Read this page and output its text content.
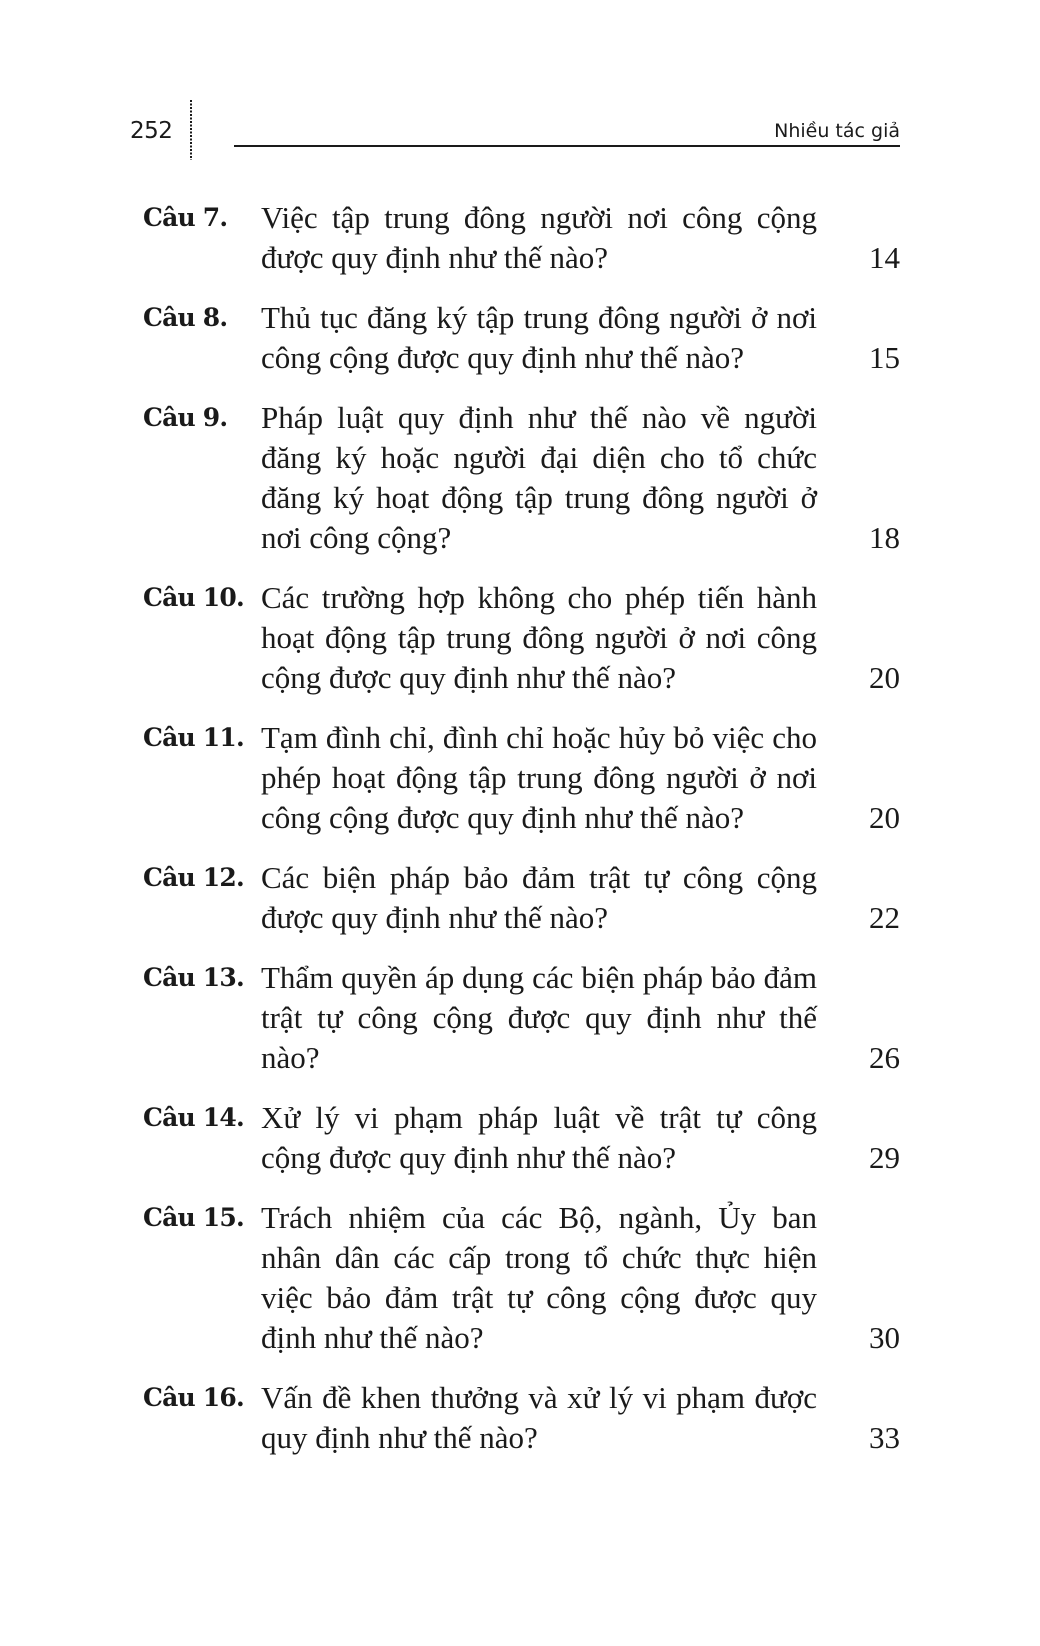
252	Nhiều tác giả
Câu 7.	Việc tập trung đông người nơi công cộng được quy định như thế nào?	14
Câu 8.	Thủ tục đăng ký tập trung đông người ở nơi công cộng được quy định như thế nào?	15
Câu 9.	Pháp luật quy định như thế nào về người đăng ký hoặc người đại diện cho tổ chức đăng ký hoạt động tập trung đông người ở nơi công cộng?	18
Câu 10. Các trường hợp không cho phép tiến hành hoạt động tập trung đông người ở nơi công cộng được quy định như thế nào?	20
Câu 11. Tạm đình chỉ, đình chỉ hoặc hủy bỏ việc cho phép hoạt động tập trung đông người ở nơi công cộng được quy định như thế nào?	20
Câu 12. Các biện pháp bảo đảm trật tự công cộng được quy định như thế nào?	22
Câu 13. Thẩm quyền áp dụng các biện pháp bảo đảm trật tự công cộng được quy định như thế nào?	26
Câu 14. Xử lý vi phạm pháp luật về trật tự công cộng được quy định như thế nào?	29
Câu 15. Trách nhiệm của các Bộ, ngành, Ủy ban nhân dân các cấp trong tổ chức thực hiện việc bảo đảm trật tự công cộng được quy định như thế nào?	30
Câu 16. Vấn đề khen thưởng và xử lý vi phạm được quy định như thế nào?	33
